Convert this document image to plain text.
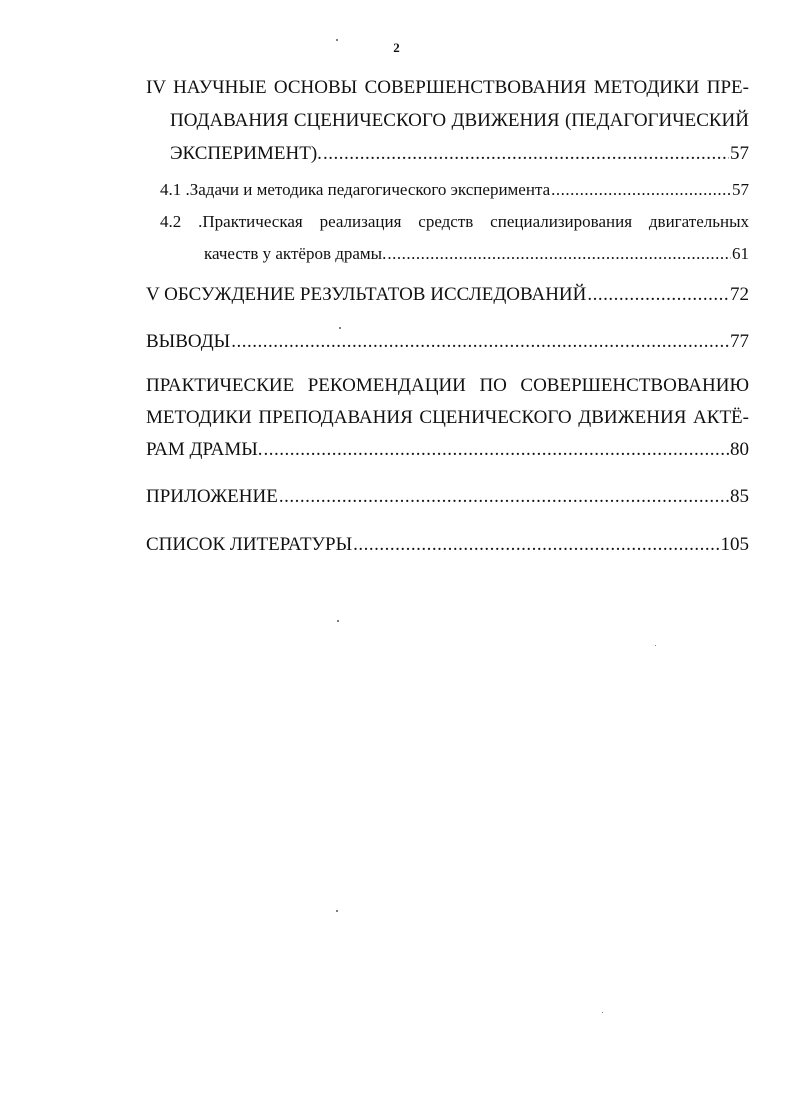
2
IV НАУЧНЫЕ ОСНОВЫ СОВЕРШЕНСТВОВАНИЯ МЕТОДИКИ ПРЕ-
ПОДАВАНИЯ СЦЕНИЧЕСКОГО ДВИЖЕНИЯ (ПЕДАГОГИЧЕСКИЙ
ЭКСПЕРИМЕНТ). .....	57
4.1 .Задачи и методика педагогического эксперимента .....	57
4.2 .Практическая реализация средств специализирования двигательных
качеств у актёров драмы. .....	61
V ОБСУЖДЕНИЕ РЕЗУЛЬТАТОВ ИССЛЕДОВАНИЙ .....	72
ВЫВОДЫ .....	77
ПРАКТИЧЕСКИЕ РЕКОМЕНДАЦИИ ПО СОВЕРШЕНСТВОВАНИЮ
МЕТОДИКИ ПРЕПОДАВАНИЯ СЦЕНИЧЕСКОГО ДВИЖЕНИЯ АКТЁ-
РАМ ДРАМЫ. .....	80
ПРИЛОЖЕНИЕ .....	85
СПИСОК ЛИТЕРАТУРЫ .....	105
